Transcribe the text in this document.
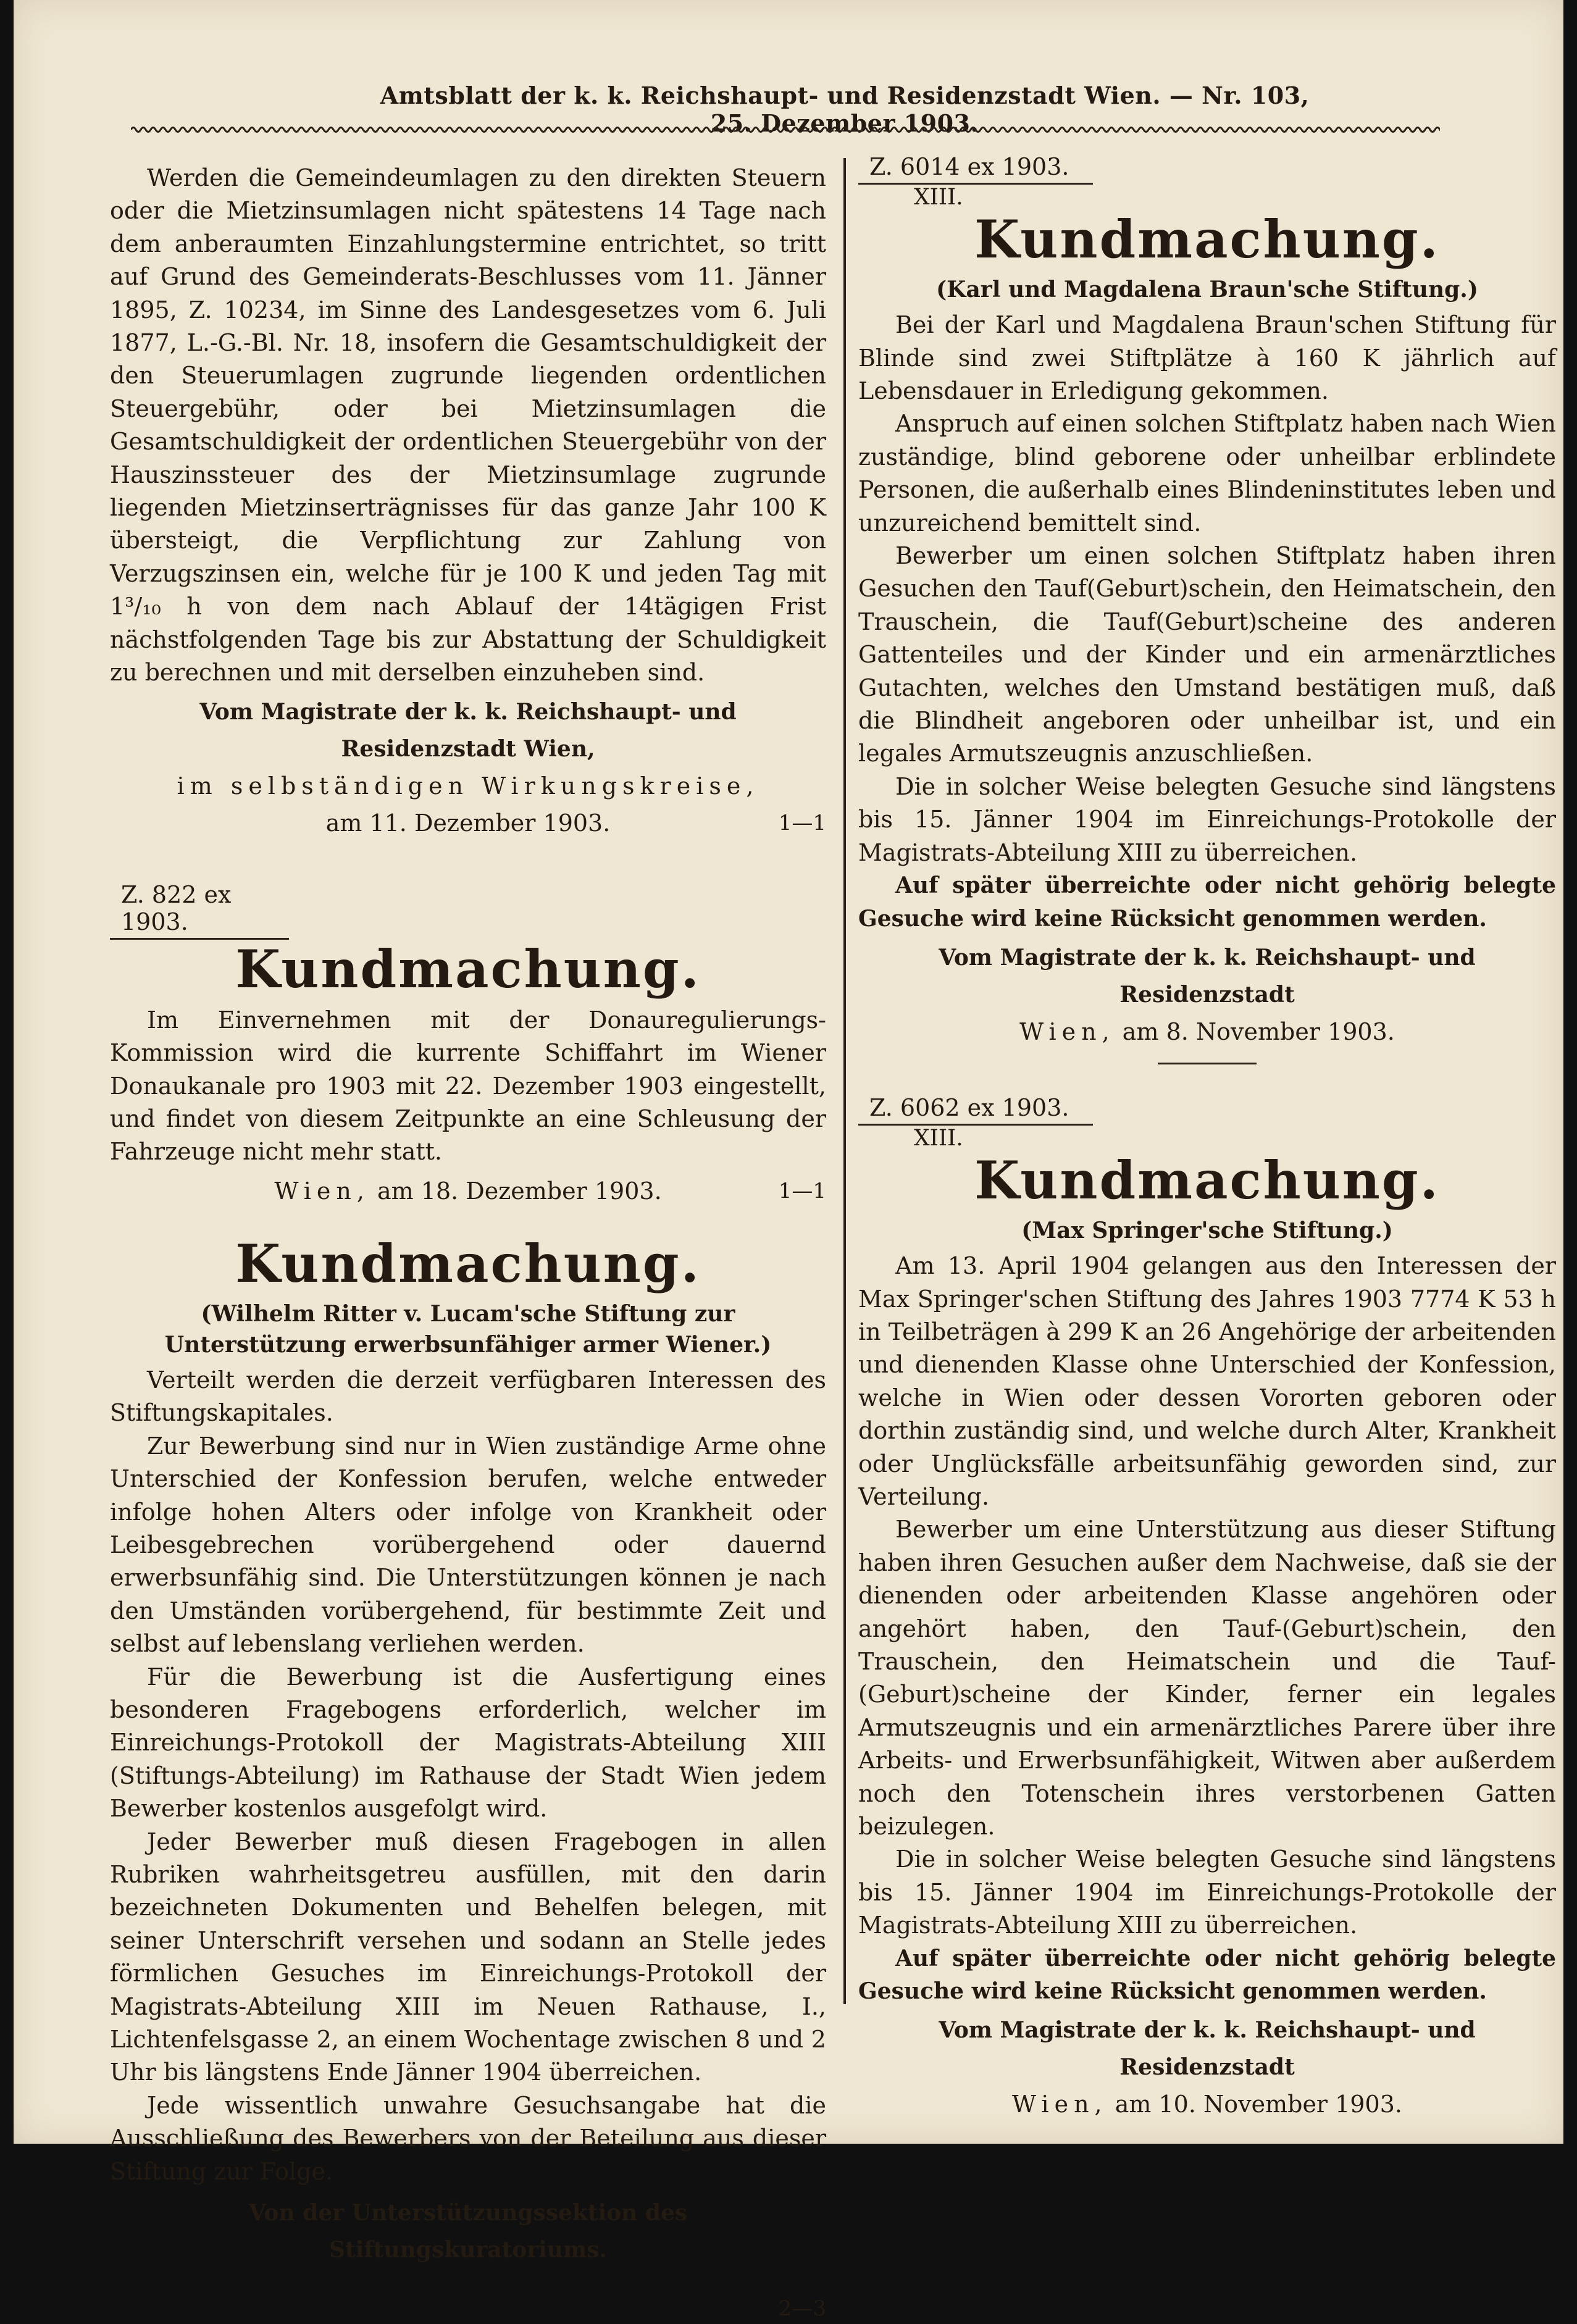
Amtsblatt der k. k. Reichshaupt- und Residenzstadt Wien. — Nr. 103, 25. Dezember 1903.

Werden die Gemeindeumlagen zu den direkten Steuern oder die Mietzinsumlagen nicht spätestens 14 Tage nach dem anberaumten Einzahlungstermine entrichtet, so tritt auf Grund des Gemeinderats-Beschlusses vom 11. Jänner 1895, Z. 10234, im Sinne des Landesgesetzes vom 6. Juli 1877, L.-G.-Bl. Nr. 18, insofern die Gesamtschuldigkeit der den Steuerumlagen zugrunde liegenden ordentlichen Steuergebühr, oder bei Mietzinsumlagen die Gesamtschuldigkeit der ordentlichen Steuergebühr von der Hauszinssteuer des der Mietzinsumlage zugrunde liegenden Mietzinserträgnisses für das ganze Jahr 100 K übersteigt, die Verpflichtung zur Zahlung von Verzugszinsen ein, welche für je 100 K und jeden Tag mit 1³/₁₀ h von dem nach Ablauf der 14tägigen Frist nächstfolgenden Tage bis zur Abstattung der Schuldigkeit zu berechnen und mit derselben einzuheben sind.

Vom Magistrate der k. k. Reichshaupt- und Residenzstadt Wien,
im selbständigen Wirkungskreise,
am 11. Dezember 1903.	1—1
Z. 822 ex 1903.
Kundmachung.

Im Einvernehmen mit der Donauregulierungs-Kommission wird die kurrente Schiffahrt im Wiener Donaukanale pro 1903 mit 22. Dezember 1903 eingestellt, und findet von diesem Zeitpunkte an eine Schleusung der Fahrzeuge nicht mehr statt.

Wien, am 18. Dezember 1903.	1—1
Kundmachung.
(Wilhelm Ritter v. Lucam'sche Stiftung zur Unterstützung erwerbsunfähiger armer Wiener.)

Verteilt werden die derzeit verfügbaren Interessen des Stiftungskapitales.

Zur Bewerbung sind nur in Wien zuständige Arme ohne Unterschied der Konfession berufen, welche entweder infolge hohen Alters oder infolge von Krankheit oder Leibesgebrechen vorübergehend oder dauernd erwerbsunfähig sind. Die Unterstützungen können je nach den Umständen vorübergehend, für bestimmte Zeit und selbst auf lebenslang verliehen werden.

Für die Bewerbung ist die Ausfertigung eines besonderen Fragebogens erforderlich, welcher im Einreichungs-Protokoll der Magistrats-Abteilung XIII (Stiftungs-Abteilung) im Rathause der Stadt Wien jedem Bewerber kostenlos ausgefolgt wird.

Jeder Bewerber muß diesen Fragebogen in allen Rubriken wahrheitsgetreu ausfüllen, mit den darin bezeichneten Dokumenten und Behelfen belegen, mit seiner Unterschrift versehen und sodann an Stelle jedes förmlichen Gesuches im Einreichungs-Protokoll der Magistrats-Abteilung XIII im Neuen Rathause, I., Lichtenfelsgasse 2, an einem Wochentage zwischen 8 und 2 Uhr bis längstens Ende Jänner 1904 überreichen.

Jede wissentlich unwahre Gesuchsangabe hat die Ausschließung des Bewerbers von der Beteilung aus dieser Stiftung zur Folge.

Von der Unterstützungssektion des Stiftungskuratoriums.
2—3
Z. 6014 ex 1903.
XIII.
Kundmachung.
(Karl und Magdalena Braun'sche Stiftung.)

Bei der Karl und Magdalena Braun'schen Stiftung für Blinde sind zwei Stiftplätze à 160 K jährlich auf Lebensdauer in Erledigung gekommen.

Anspruch auf einen solchen Stiftplatz haben nach Wien zuständige, blind geborene oder unheilbar erblindete Personen, die außerhalb eines Blindeninstitutes leben und unzureichend bemittelt sind.

Bewerber um einen solchen Stiftplatz haben ihren Gesuchen den Tauf(Geburt)schein, den Heimatschein, den Trauschein, die Tauf(Geburt)scheine des anderen Gattenteiles und der Kinder und ein armenärztliches Gutachten, welches den Umstand bestätigen muß, daß die Blindheit angeboren oder unheilbar ist, und ein legales Armutszeugnis anzuschließen.

Die in solcher Weise belegten Gesuche sind längstens bis 15. Jänner 1904 im Einreichungs-Protokolle der Magistrats-Abteilung XIII zu überreichen.

Auf später überreichte oder nicht gehörig belegte Gesuche wird keine Rücksicht genommen werden.

Vom Magistrate der k. k. Reichshaupt- und Residenzstadt
Wien, am 8. November 1903.
Z. 6062 ex 1903.
XIII.
Kundmachung.
(Max Springer'sche Stiftung.)

Am 13. April 1904 gelangen aus den Interessen der Max Springer'schen Stiftung des Jahres 1903 7774 K 53 h in Teilbeträgen à 299 K an 26 Angehörige der arbeitenden und dienenden Klasse ohne Unterschied der Konfession, welche in Wien oder dessen Vororten geboren oder dorthin zuständig sind, und welche durch Alter, Krankheit oder Unglücksfälle arbeitsunfähig geworden sind, zur Verteilung.

Bewerber um eine Unterstützung aus dieser Stiftung haben ihren Gesuchen außer dem Nachweise, daß sie der dienenden oder arbeitenden Klasse angehören oder angehört haben, den Tauf-(Geburt)schein, den Trauschein, den Heimatschein und die Tauf-(Geburt)scheine der Kinder, ferner ein legales Armutszeugnis und ein armenärztliches Parere über ihre Arbeits- und Erwerbsunfähigkeit, Witwen aber außerdem noch den Totenschein ihres verstorbenen Gatten beizulegen.

Die in solcher Weise belegten Gesuche sind längstens bis 15. Jänner 1904 im Einreichungs-Protokolle der Magistrats-Abteilung XIII zu überreichen.

Auf später überreichte oder nicht gehörig belegte Gesuche wird keine Rücksicht genommen werden.

Vom Magistrate der k. k. Reichshaupt- und Residenzstadt
Wien, am 10. November 1903.
